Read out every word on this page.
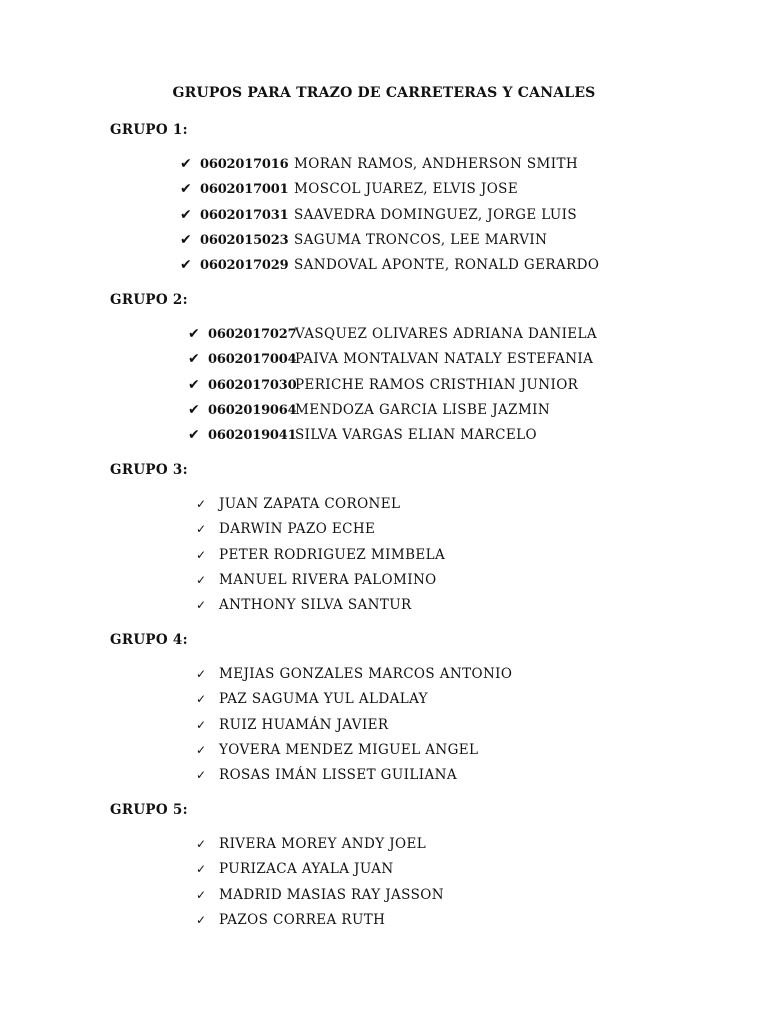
GRUPOS PARA TRAZO DE CARRETERAS Y CANALES
GRUPO 1:
✔ 0602017016 MORAN RAMOS, ANDHERSON SMITH
✔ 0602017001 MOSCOL JUAREZ, ELVIS JOSE
✔ 0602017031 SAAVEDRA DOMINGUEZ, JORGE LUIS
✔ 0602015023 SAGUMA TRONCOS, LEE MARVIN
✔ 0602017029 SANDOVAL APONTE, RONALD GERARDO
GRUPO 2:
✔ 0602017027
VASQUEZ OLIVARES ADRIANA DANIELA
✔ 0602017004
PAIVA MONTALVAN NATALY ESTEFANIA
✔ 0602017030
PERICHE RAMOS CRISTHIAN JUNIOR
✔ 0602019064
MENDOZA GARCIA LISBE JAZMIN
✔ 0602019041
SILVA VARGAS ELIAN MARCELO
GRUPO 3:
✓ JUAN ZAPATA CORONEL
✓ DARWIN PAZO ECHE
✓ PETER RODRIGUEZ MIMBELA
✓ MANUEL RIVERA PALOMINO
✓ ANTHONY SILVA SANTUR
GRUPO 4:
✓ MEJIAS GONZALES MARCOS ANTONIO
✓ PAZ SAGUMA YUL ALDALAY
✓ RUIZ HUAMÁN JAVIER
✓ YOVERA MENDEZ MIGUEL ANGEL
✓ ROSAS IMÁN LISSET GUILIANA
GRUPO 5:
✓ RIVERA MOREY ANDY JOEL
✓ PURIZACA AYALA JUAN
✓ MADRID MASIAS RAY JASSON
✓ PAZOS CORREA RUTH
